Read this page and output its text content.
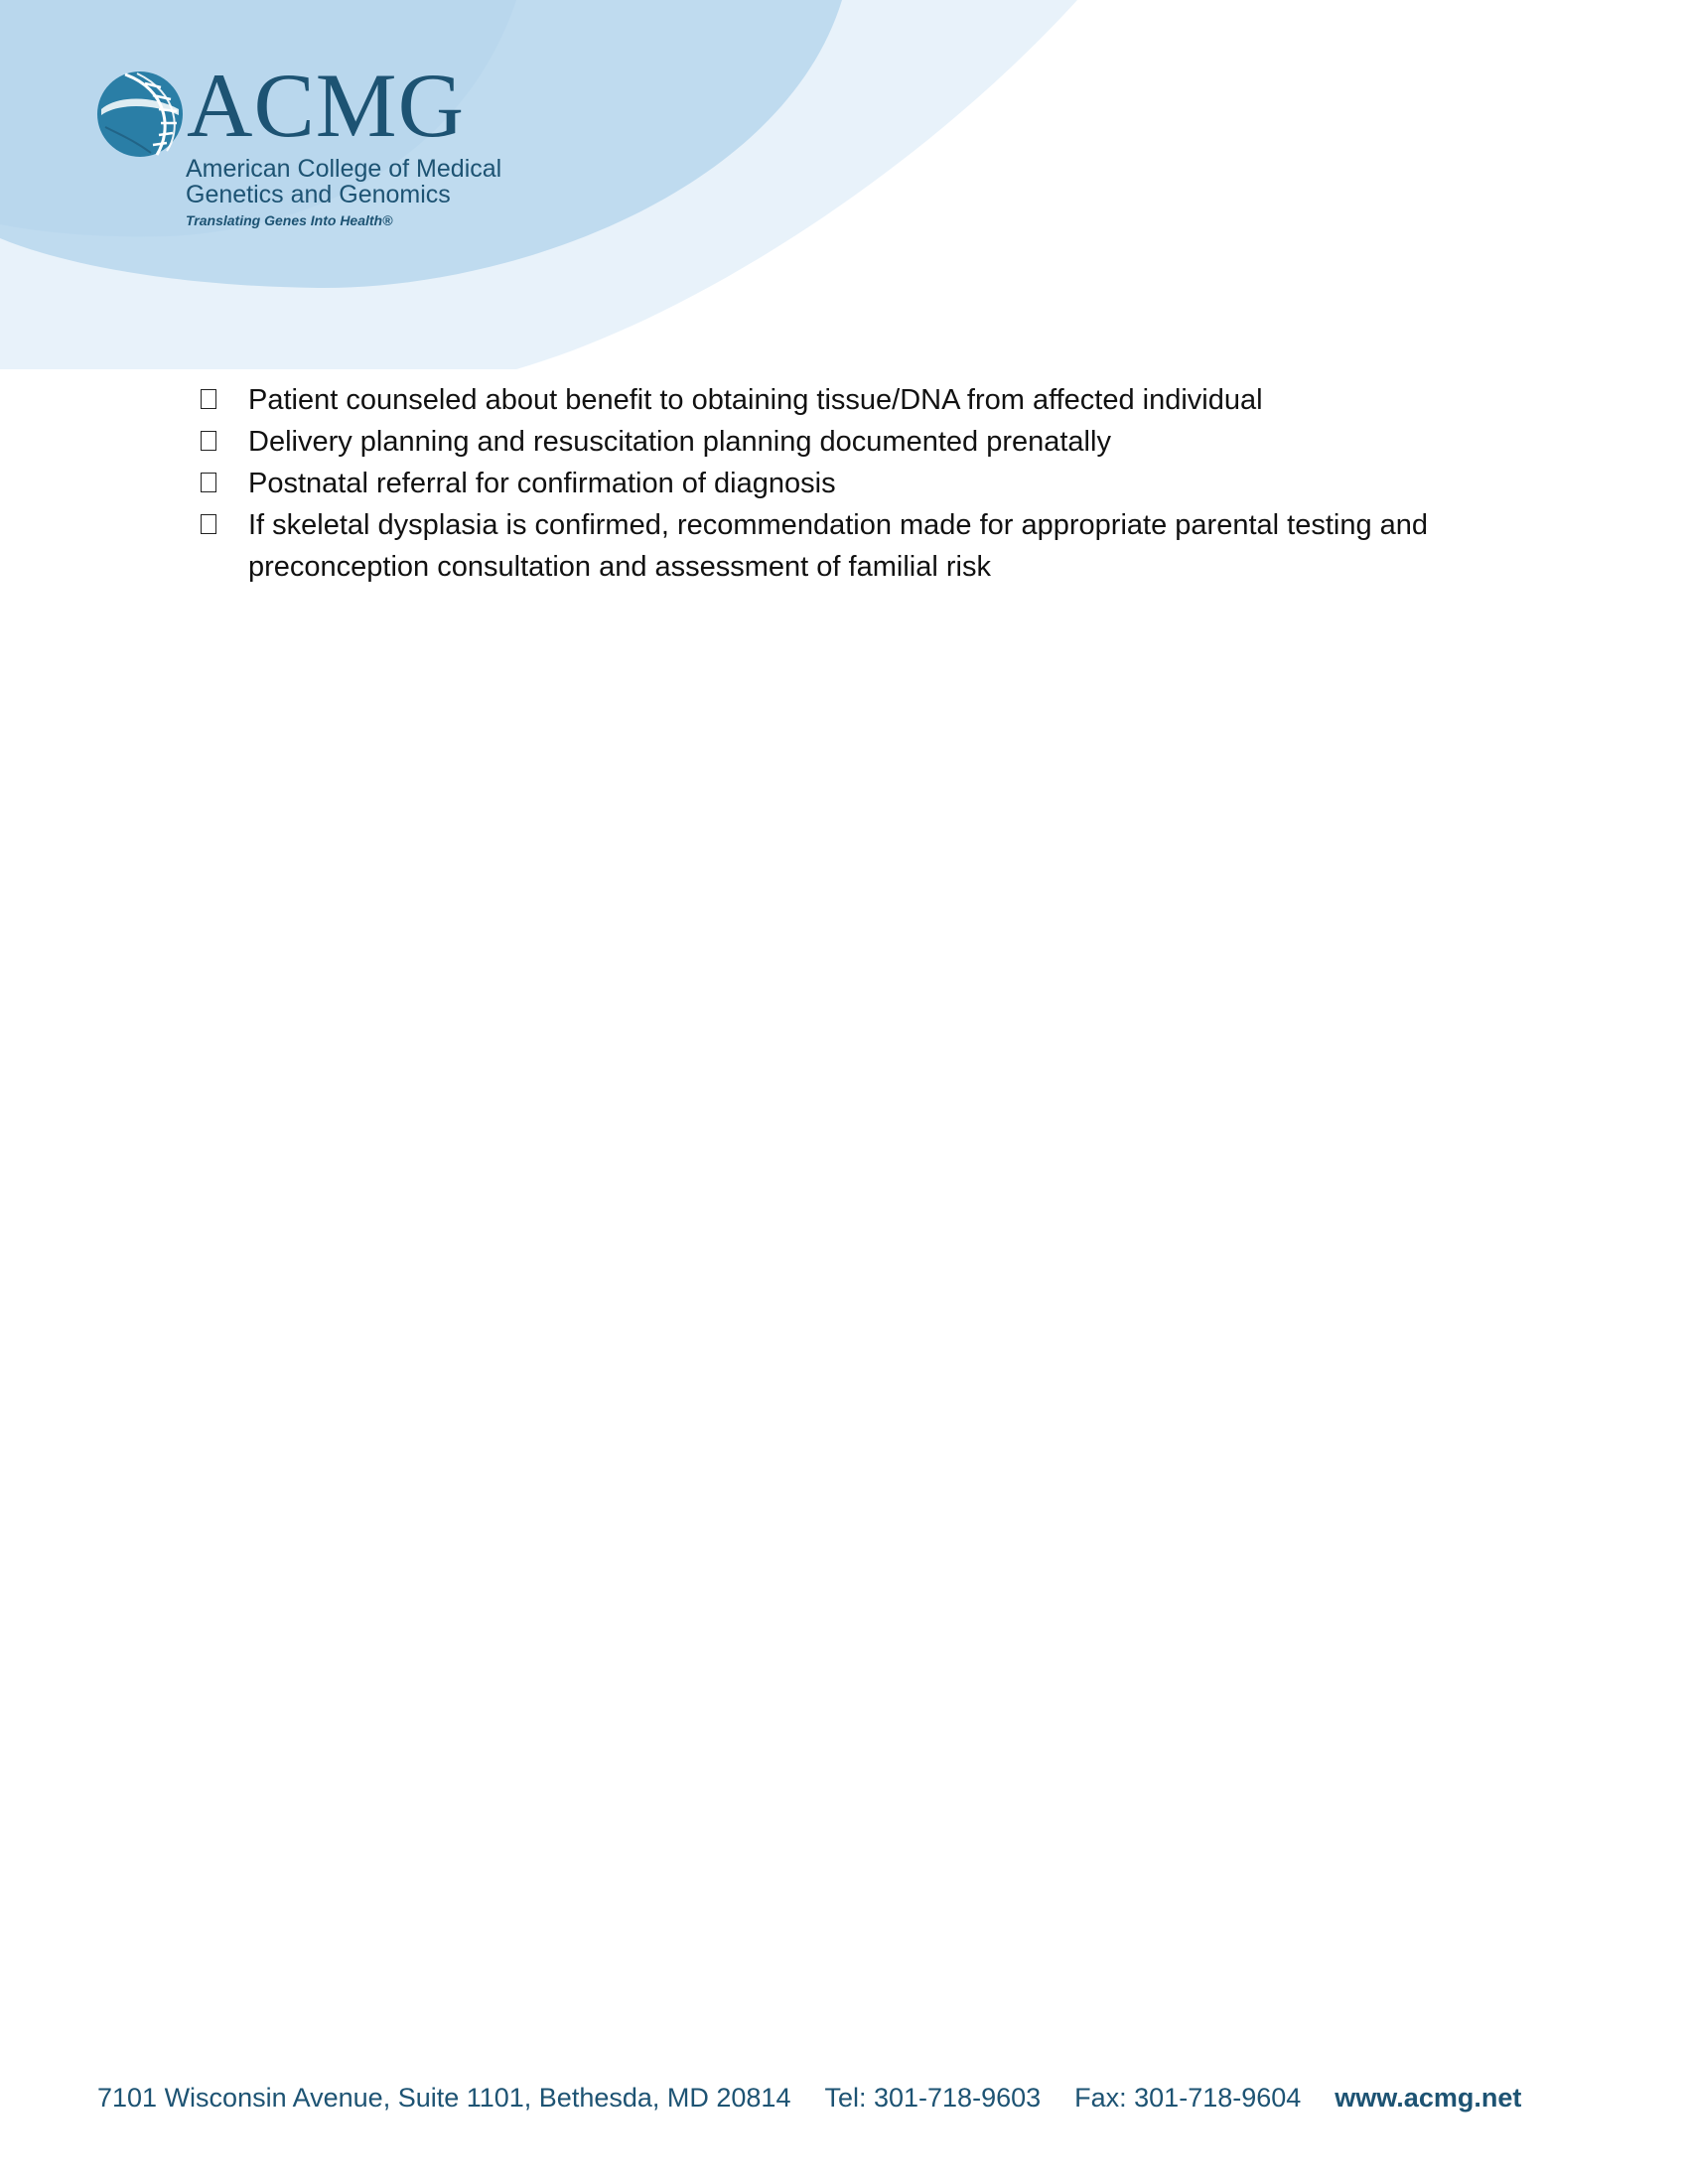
ACMG
American College of Medical
Genetics and Genomics
Translating Genes Into Health®
Patient counseled about benefit to obtaining tissue/DNA from affected individual
Delivery planning and resuscitation planning documented prenatally
Postnatal referral for confirmation of diagnosis
If skeletal dysplasia is confirmed, recommendation made for appropriate parental testing and preconception consultation and assessment of familial risk
7101 Wisconsin Avenue, Suite 1101, Bethesda, MD 20814 Tel: 301-718-9603 Fax: 301-718-9604 www.acmg.net
